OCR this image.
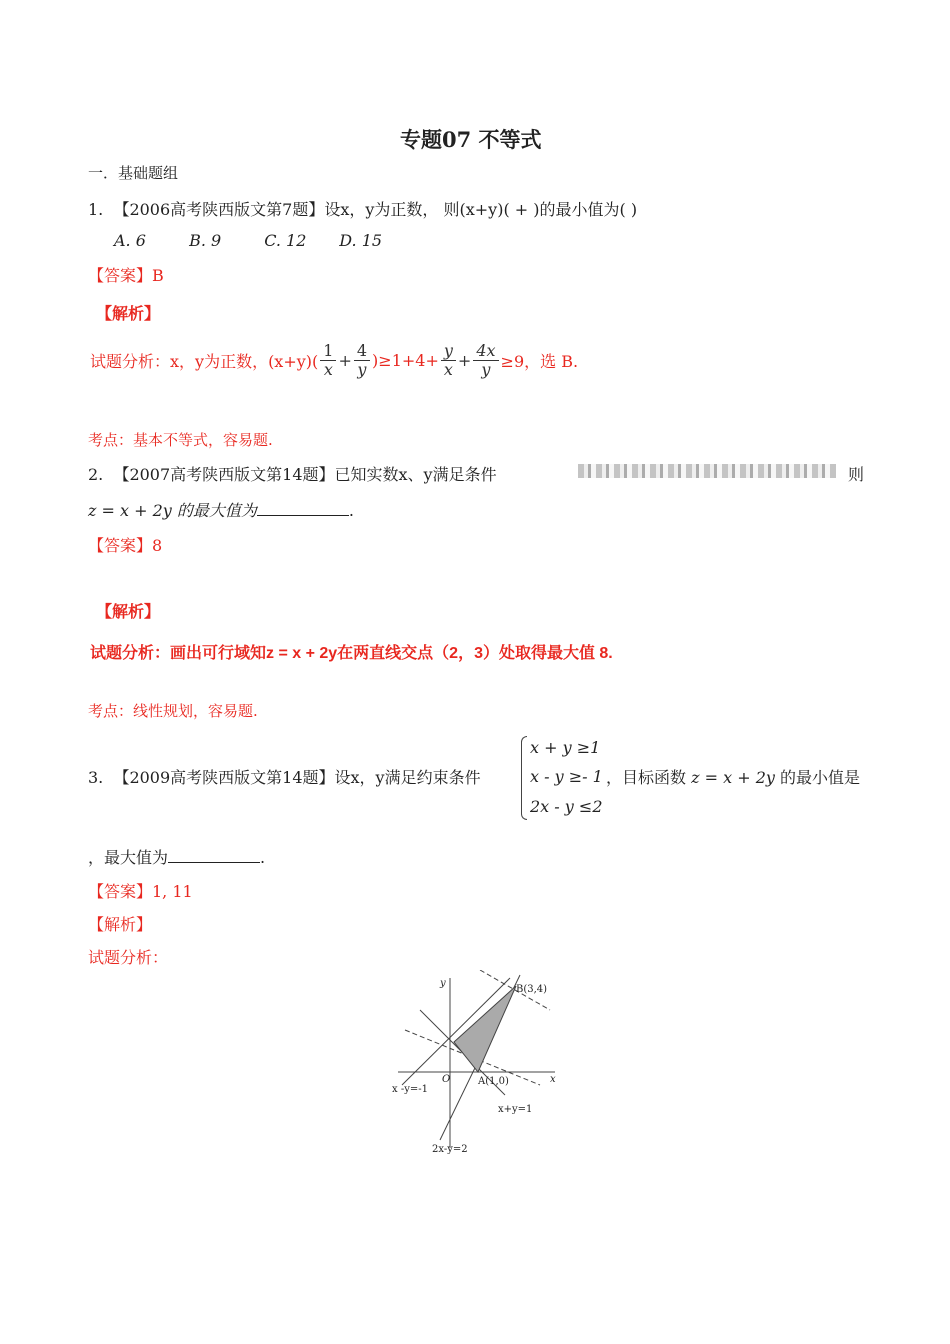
专题07 不等式
一．基础题组
1. 【2006高考陕西版文第7题】设x，y为正数， 则(x+y)( + )的最小值为( )
A. 6	B. 9	C. 12 D. 15
【答案】B
【解析】
试题分析：x，y为正数，$(x+y)( \frac{1}{x} + \frac{4}{y} )\ge 1+4+ \frac{y}{x} + \frac{4x}{y} \ge 9$，选 B.
考点：基本不等式，容易题.
2. 【2007高考陕西版文第14题】已知实数x、y满足条件	则
z = x + 2y 的最大值为	.
【答案】8
【解析】
试题分析：画出可行域知z = x + 2y在两直线交点（2，3）处取得最大值 8.
考点：线性规划，容易题.
3. 【2009高考陕西版文第14题】设x，y满足约束条件
x + y ≥1
x - y ≥- 1
2x - y ≤2
，目标函数 z = x + 2y 的最小值是
，最大值为	.
【答案】1, 11
【解析】
试题分析：
y
x
O
B(3,4)
A(1,0)
x -y=-1
x+y=1
2x-y=2
